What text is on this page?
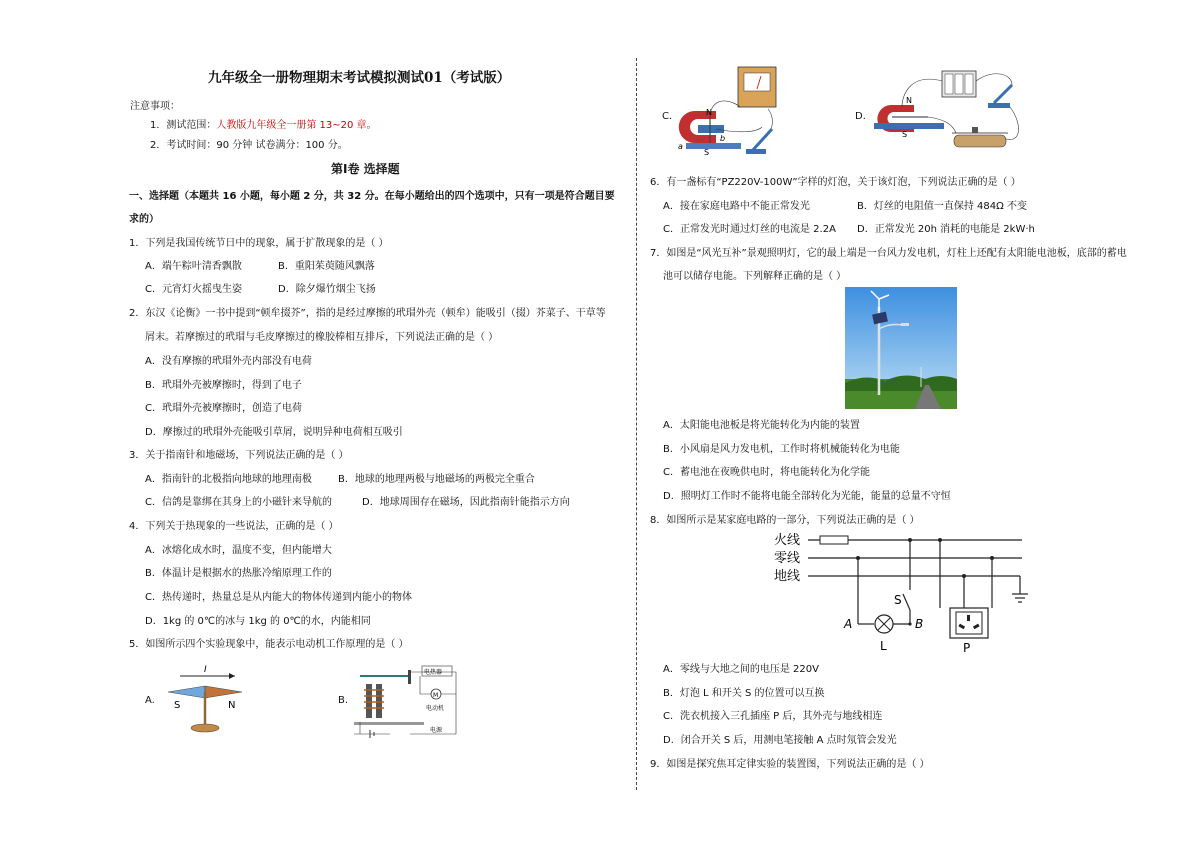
九年级全一册物理期末考试模拟测试01（考试版）
注意事项：
1．测试范围：人教版九年级全一册第 13~20 章。
2．考试时间：90 分钟 试卷满分：100 分。
第Ⅰ卷 选择题
一、选择题（本题共 16 小题，每小题 2 分，共 32 分。在每小题给出的四个选项中，只有一项是符合题目要
求的）
1．下列是我国传统节日中的现象，属于扩散现象的是（ ）
A．端午粽叶清香飘散	B．重阳茱萸随风飘落
C．元宵灯火摇曳生姿	D．除夕爆竹烟尘飞扬
2．东汉《论衡》一书中提到“顿牟掇芥”，指的是经过摩擦的玳瑁外壳（顿牟）能吸引（掇）芥菜子、干草等
屑末。若摩擦过的玳瑁与毛皮摩擦过的橡胶棒相互排斥，下列说法正确的是（ ）
A．没有摩擦的玳瑁外壳内部没有电荷
B．玳瑁外壳被摩擦时，得到了电子
C．玳瑁外壳被摩擦时，创造了电荷
D．摩擦过的玳瑁外壳能吸引草屑，说明异种电荷相互吸引
3．关于指南针和地磁场，下列说法正确的是（ ）
A．指南针的北极指向地球的地理南极	B．地球的地理两极与地磁场的两极完全重合
C．信鸽是靠绑在其身上的小磁针来导航的	D．地球周围存在磁场，因此指南针能指示方向
4．下列关于热现象的一些说法，正确的是（ ）
A．冰熔化成水时，温度不变，但内能增大
B．体温计是根据水的热胀冷缩原理工作的
C．热传递时，热量总是从内能大的物体传递到内能小的物体
D．1kg 的 0℃的冰与 1kg 的 0℃的水，内能相同
5．如图所示四个实验现象中，能表示电动机工作原理的是（ ）
A.	B.
I
S	N
电热器
M
电动机
电源
C．	D．
N
S
a
b
N
S
6．有一盏标有“PZ220V-100W”字样的灯泡，关于该灯泡，下列说法正确的是（ ）
A．接在家庭电路中不能正常发光	B．灯丝的电阻值一直保持 484Ω 不变
C．正常发光时通过灯丝的电流是 2.2A D．正常发光 20h 消耗的电能是 2kW·h
7．如图是“风光互补”景观照明灯，它的最上端是一台风力发电机，灯柱上还配有太阳能电池板，底部的蓄电
池可以储存电能。下列解释正确的是（ ）
A．太阳能电池板是将光能转化为内能的装置
B．小风扇是风力发电机，工作时将机械能转化为电能
C．蓄电池在夜晚供电时，将电能转化为化学能
D．照明灯工作时不能将电能全部转化为光能，能量的总量不守恒
8．如图所示是某家庭电路的一部分，下列说法正确的是（ ）
火线
零线
地线
S
A	B
L	P
A．零线与大地之间的电压是 220V
B．灯泡 L 和开关 S 的位置可以互换
C．洗衣机接入三孔插座 P 后，其外壳与地线相连
D．闭合开关 S 后，用测电笔接触 A 点时氖管会发光
9．如图是探究焦耳定律实验的装置图，下列说法正确的是（ ）
